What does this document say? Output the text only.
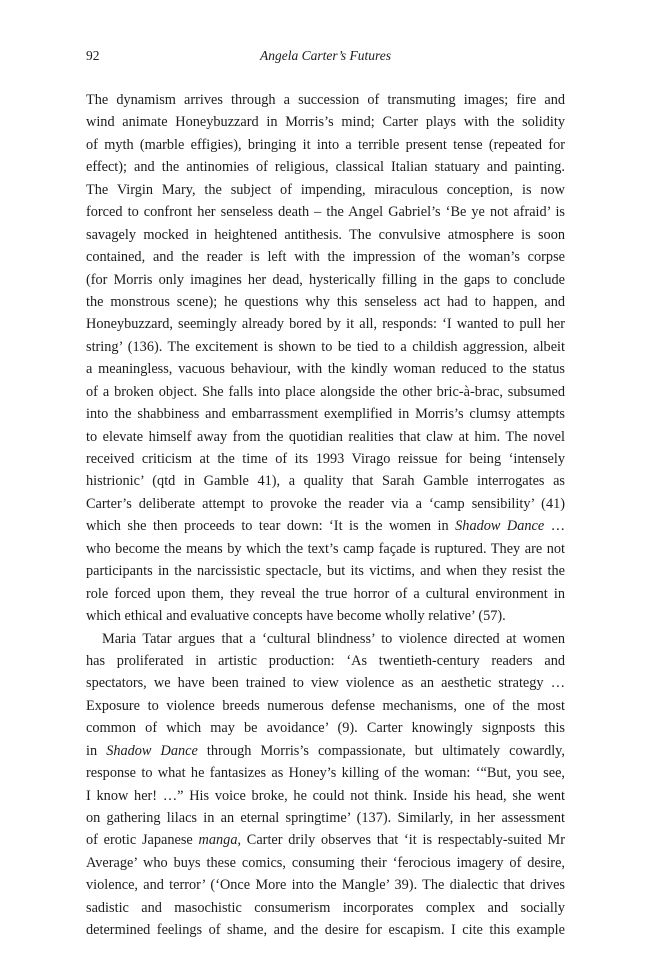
92	Angela Carter’s Futures

The dynamism arrives through a succession of transmuting images; fire and
wind animate Honeybuzzard in Morris’s mind; Carter plays with the solidity
of myth (marble effigies), bringing it into a terrible present tense (repeated for
effect); and the antinomies of religious, classical Italian statuary and painting.
The Virgin Mary, the subject of impending, miraculous conception, is now
forced to confront her senseless death – the Angel Gabriel’s ‘Be ye not afraid’ is
savagely mocked in heightened antithesis. The convulsive atmosphere is soon
contained, and the reader is left with the impression of the woman’s corpse
(for Morris only imagines her dead, hysterically filling in the gaps to conclude
the monstrous scene); he questions why this senseless act had to happen, and
Honeybuzzard, seemingly already bored by it all, responds: ‘I wanted to pull her
string’ (136). The excitement is shown to be tied to a childish aggression, albeit
a meaningless, vacuous behaviour, with the kindly woman reduced to the status
of a broken object. She falls into place alongside the other bric-à-brac, subsumed
into the shabbiness and embarrassment exemplified in Morris’s clumsy attempts
to elevate himself away from the quotidian realities that claw at him. The novel
received criticism at the time of its 1993 Virago reissue for being ‘intensely
histrionic’ (qtd in Gamble 41), a quality that Sarah Gamble interrogates as
Carter’s deliberate attempt to provoke the reader via a ‘camp sensibility’ (41)
which she then proceeds to tear down: ‘It is the women in Shadow Dance …
who become the means by which the text’s camp façade is ruptured. They are not
participants in the narcissistic spectacle, but its victims, and when they resist the
role forced upon them, they reveal the true horror of a cultural environment in
which ethical and evaluative concepts have become wholly relative’ (57).

Maria Tatar argues that a ‘cultural blindness’ to violence directed at women
has proliferated in artistic production: ‘As twentieth-century readers and
spectators, we have been trained to view violence as an aesthetic strategy …
Exposure to violence breeds numerous defense mechanisms, one of the most
common of which may be avoidance’ (9). Carter knowingly signposts this
in Shadow Dance through Morris’s compassionate, but ultimately cowardly,
response to what he fantasizes as Honey’s killing of the woman: ‘“But, you see,
I know her! …” His voice broke, he could not think. Inside his head, she went
on gathering lilacs in an eternal springtime’ (137). Similarly, in her assessment
of erotic Japanese manga, Carter drily observes that ‘it is respectably-suited Mr
Average’ who buys these comics, consuming their ‘ferocious imagery of desire,
violence, and terror’ (‘Once More into the Mangle’ 39). The dialectic that drives
sadistic and masochistic consumerism incorporates complex and socially
determined feelings of shame, and the desire for escapism. I cite this example
